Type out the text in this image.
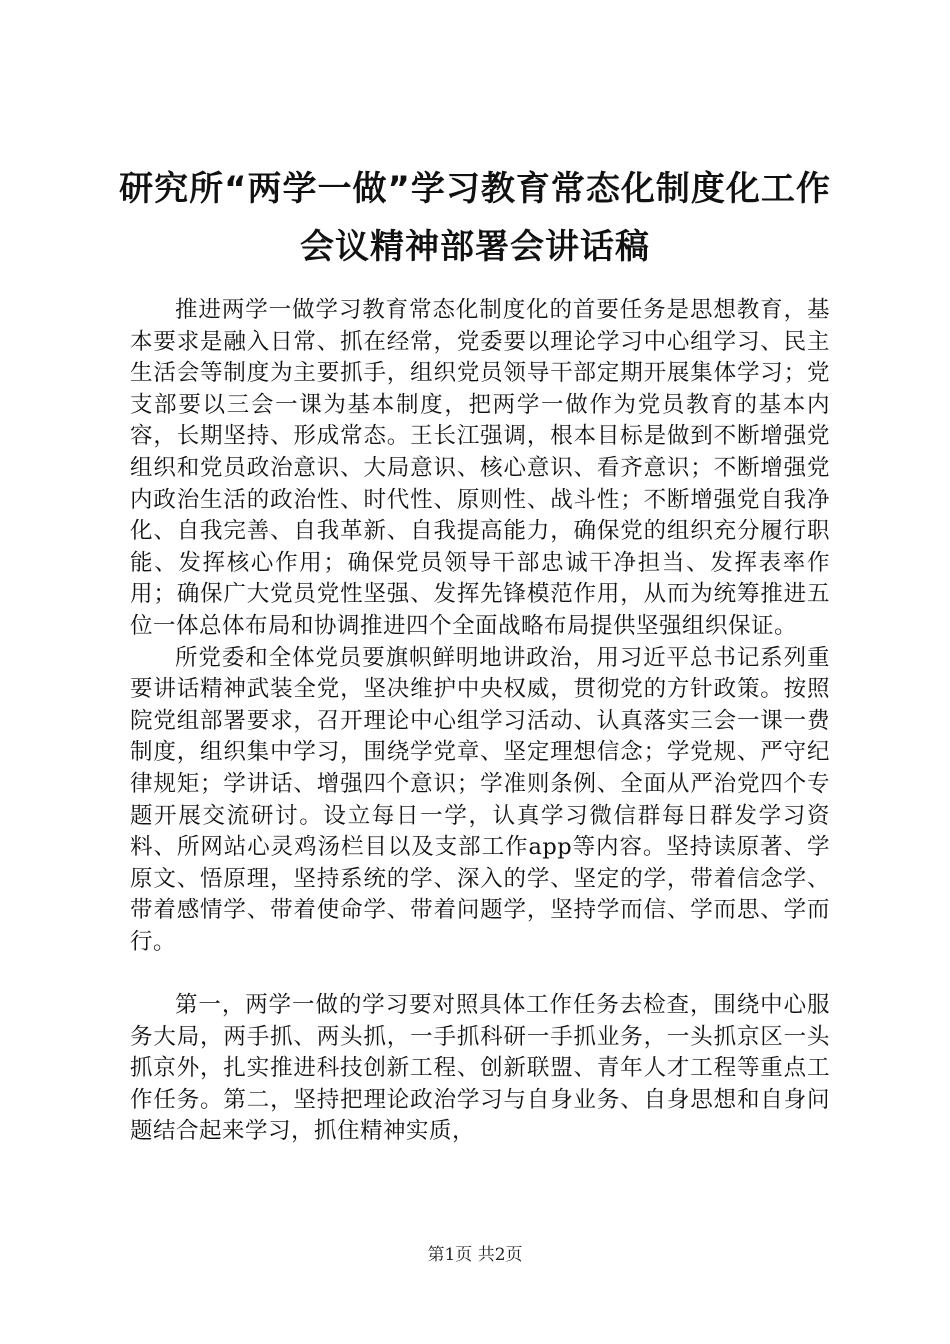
研究所“两学一做”学习教育常态化制度化工作会议精神部署会讲话稿

推进两学一做学习教育常态化制度化的首要任务是思想教育，基本要求是融入日常、抓在经常，党委要以理论学习中心组学习、民主生活会等制度为主要抓手，组织党员领导干部定期开展集体学习；党支部要以三会一课为基本制度，把两学一做作为党员教育的基本内容，长期坚持、形成常态。王长江强调，根本目标是做到不断增强党组织和党员政治意识、大局意识、核心意识、看齐意识；不断增强党内政治生活的政治性、时代性、原则性、战斗性；不断增强党自我净化、自我完善、自我革新、自我提高能力，确保党的组织充分履行职能、发挥核心作用；确保党员领导干部忠诚干净担当、发挥表率作用；确保广大党员党性坚强、发挥先锋模范作用，从而为统筹推进五位一体总体布局和协调推进四个全面战略布局提供坚强组织保证。

所党委和全体党员要旗帜鲜明地讲政治，用习近平总书记系列重要讲话精神武装全党，坚决维护中央权威，贯彻党的方针政策。按照院党组部署要求，召开理论中心组学习活动、认真落实三会一课一费制度，组织集中学习，围绕学党章、坚定理想信念；学党规、严守纪律规矩；学讲话、增强四个意识；学准则条例、全面从严治党四个专题开展交流研讨。设立每日一学，认真学习微信群每日群发学习资料、所网站心灵鸡汤栏目以及支部工作app等内容。坚持读原著、学原文、悟原理，坚持系统的学、深入的学、坚定的学，带着信念学、带着感情学、带着使命学、带着问题学，坚持学而信、学而思、学而行。

第一，两学一做的学习要对照具体工作任务去检查，围绕中心服务大局，两手抓、两头抓，一手抓科研一手抓业务，一头抓京区一头抓京外，扎实推进科技创新工程、创新联盟、青年人才工程等重点工作任务。第二，坚持把理论政治学习与自身业务、自身思想和自身问题结合起来学习，抓住精神实质，

第1页 共2页
